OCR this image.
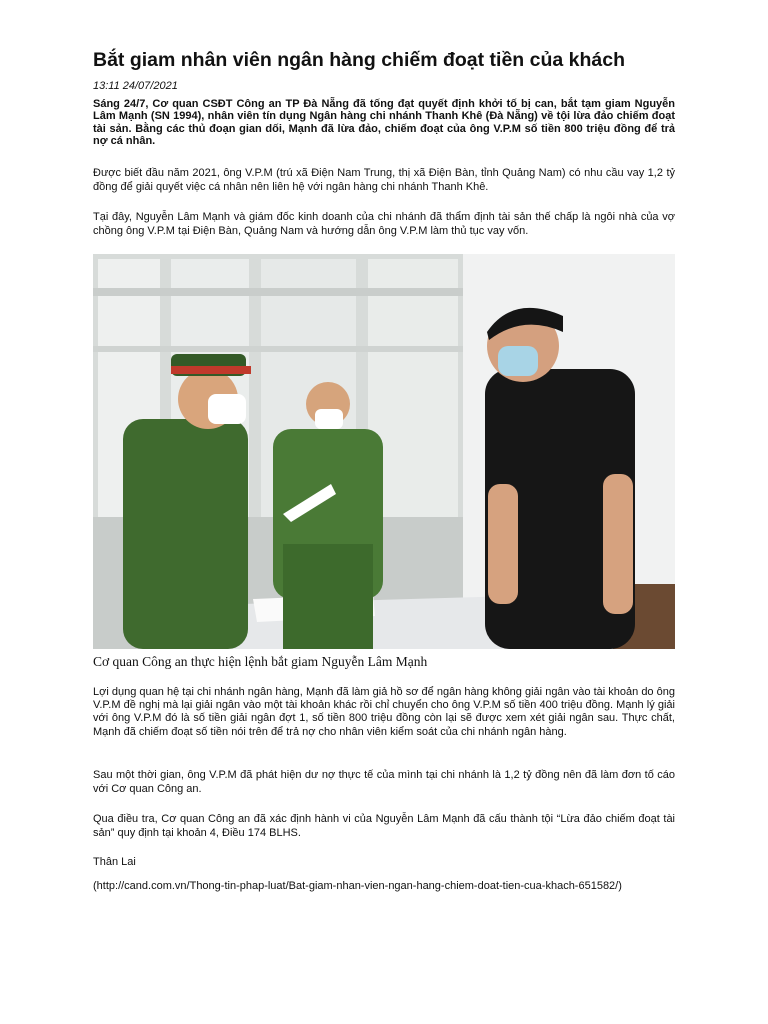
Bắt giam nhân viên ngân hàng chiếm đoạt tiền của khách
13:11 24/07/2021

Sáng 24/7, Cơ quan CSĐT Công an TP Đà Nẵng đã tống đạt quyết định khởi tố bị can, bắt tạm giam Nguyễn Lâm Mạnh (SN 1994), nhân viên tín dụng Ngân hàng chi nhánh Thanh Khê (Đà Nẵng) về tội lừa đảo chiếm đoạt tài sản. Bằng các thủ đoạn gian dối, Mạnh đã lừa đảo, chiếm đoạt của ông V.P.M số tiền 800 triệu đồng để trả nợ cá nhân.

Được biết đầu năm 2021, ông V.P.M (trú xã Điện Nam Trung, thị xã Điện Bàn, tỉnh Quảng Nam) có nhu cầu vay 1,2 tỷ đồng để giải quyết việc cá nhân nên liên hệ với ngân hàng chi nhánh Thanh Khê.

Tại đây, Nguyễn Lâm Mạnh và giám đốc kinh doanh của chi nhánh đã thẩm định tài sản thế chấp là ngôi nhà của vợ chồng ông V.P.M tại Điện Bàn, Quảng Nam và hướng dẫn ông V.P.M làm thủ tục vay vốn.

Cơ quan Công an thực hiện lệnh bắt giam Nguyễn Lâm Mạnh

Lợi dụng quan hệ tại chi nhánh ngân hàng, Mạnh đã làm giả hồ sơ để ngân hàng không giải ngân vào tài khoản do ông V.P.M đề nghị mà lại giải ngân vào một tài khoản khác rồi chỉ chuyển cho ông V.P.M số tiền 400 triệu đồng. Mạnh lý giải với ông V.P.M đó là số tiền giải ngân đợt 1, số tiền 800 triệu đồng còn lại sẽ được xem xét giải ngân sau. Thực chất, Mạnh đã chiếm đoạt số tiền nói trên để trả nợ cho nhân viên kiểm soát của chi nhánh ngân hàng.

Sau một thời gian, ông V.P.M đã phát hiện dư nợ thực tế của mình tại chi nhánh là 1,2 tỷ đồng nên đã làm đơn tố cáo với Cơ quan Công an.

Qua điều tra, Cơ quan Công an đã xác định hành vi của Nguyễn Lâm Mạnh đã cấu thành tội “Lừa đảo chiếm đoạt tài sản” quy định tại khoản 4, Điều 174 BLHS.

Thân Lai
(http://cand.com.vn/Thong-tin-phap-luat/Bat-giam-nhan-vien-ngan-hang-chiem-doat-tien-cua-khach-651582/)
